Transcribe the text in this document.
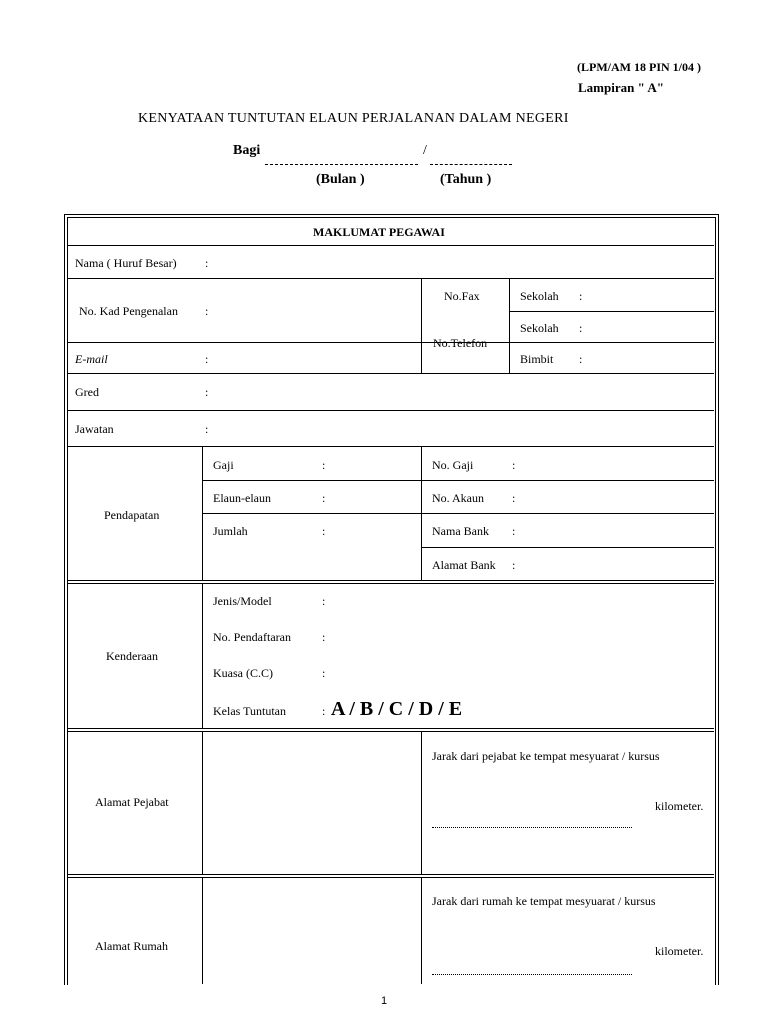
(LPM/AM 18 PIN 1/04 )
Lampiran " A"
KENYATAAN TUNTUTAN ELAUN PERJALANAN DALAM NEGERI
Bagi	/
(Bulan )	(Tahun )
MAKLUMAT PEGAWAI
Nama ( Huruf Besar) :
No. Kad Pengenalan :
No.Fax
No.Telefon
Sekolah :
Sekolah :
Bimbit :
E-mail	:
Gred	:
Jawatan	:
Pendapatan
Gaji	:
Elaun-elaun	:
Jumlah	:
No. Gaji	:
No. Akaun :
Nama Bank :
Alamat Bank :
Kenderaan
Jenis/Model	:
No. Pendaftaran	:
Kuasa (C.C)	:
Kelas Tuntutan	: A / B / C / D / E
Alamat Pejabat
Jarak dari pejabat ke tempat mesyuarat / kursus
kilometer.
Alamat Rumah
Jarak dari rumah ke tempat mesyuarat / kursus
kilometer.
1
